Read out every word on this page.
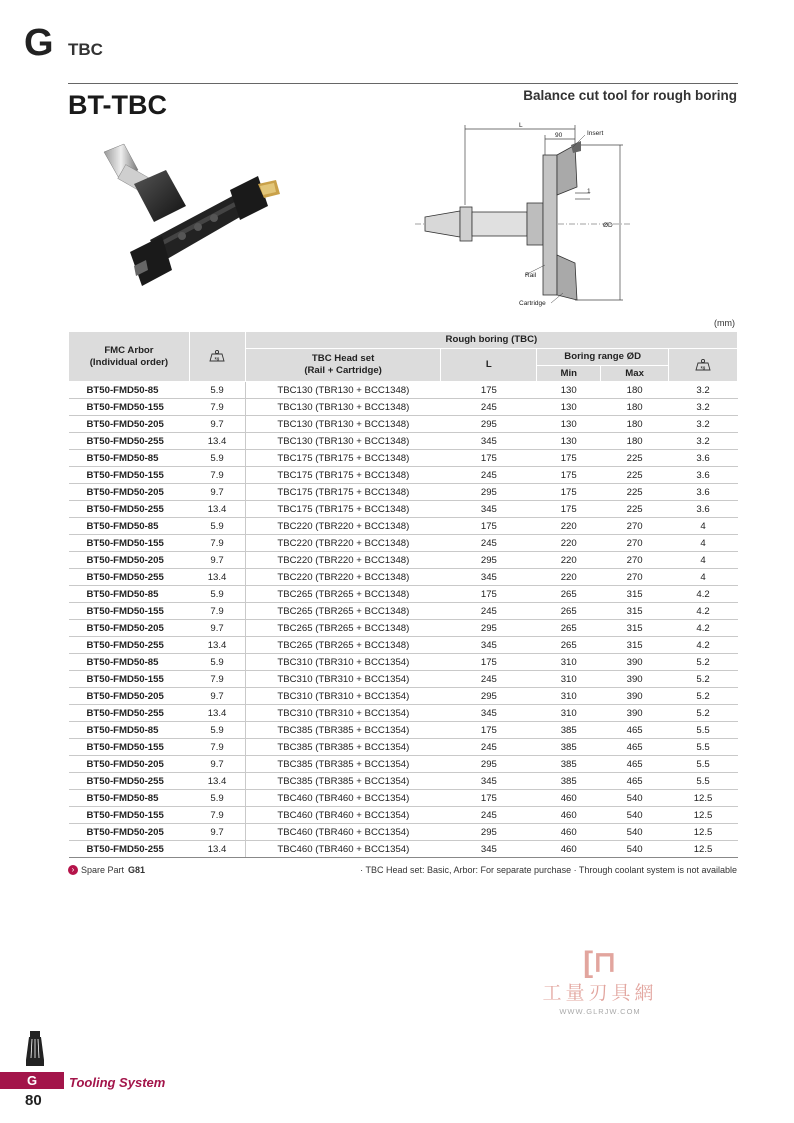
G TBC
BT-TBC	Balance cut tool for rough boring
L
90	Insert
1
ØD
Rail
Cartridge
(mm)
FMC Arbor
(Individual order)	kg	Rough boring (TBC)				

		TBC Head set
(Rail + Cartridge)	L	Boring range ØD		kg

				Min	Max	
BT50-FMD50-85	5.9	TBC130 (TBR130 + BCC1348)	175	130	180	3.2
BT50-FMD50-155	7.9	TBC130 (TBR130 + BCC1348)	245	130	180	3.2
BT50-FMD50-205	9.7	TBC130 (TBR130 + BCC1348)	295	130	180	3.2
BT50-FMD50-255	13.4	TBC130 (TBR130 + BCC1348)	345	130	180	3.2
BT50-FMD50-85	5.9	TBC175 (TBR175 + BCC1348)	175	175	225	3.6
BT50-FMD50-155	7.9	TBC175 (TBR175 + BCC1348)	245	175	225	3.6
BT50-FMD50-205	9.7	TBC175 (TBR175 + BCC1348)	295	175	225	3.6
BT50-FMD50-255	13.4	TBC175 (TBR175 + BCC1348)	345	175	225	3.6
BT50-FMD50-85	5.9	TBC220 (TBR220 + BCC1348)	175	220	270	4
BT50-FMD50-155	7.9	TBC220 (TBR220 + BCC1348)	245	220	270	4
BT50-FMD50-205	9.7	TBC220 (TBR220 + BCC1348)	295	220	270	4
BT50-FMD50-255	13.4	TBC220 (TBR220 + BCC1348)	345	220	270	4
BT50-FMD50-85	5.9	TBC265 (TBR265 + BCC1348)	175	265	315	4.2
BT50-FMD50-155	7.9	TBC265 (TBR265 + BCC1348)	245	265	315	4.2
BT50-FMD50-205	9.7	TBC265 (TBR265 + BCC1348)	295	265	315	4.2
BT50-FMD50-255	13.4	TBC265 (TBR265 + BCC1348)	345	265	315	4.2
BT50-FMD50-85	5.9	TBC310 (TBR310 + BCC1354)	175	310	390	5.2
BT50-FMD50-155	7.9	TBC310 (TBR310 + BCC1354)	245	310	390	5.2
BT50-FMD50-205	9.7	TBC310 (TBR310 + BCC1354)	295	310	390	5.2
BT50-FMD50-255	13.4	TBC310 (TBR310 + BCC1354)	345	310	390	5.2
BT50-FMD50-85	5.9	TBC385 (TBR385 + BCC1354)	175	385	465	5.5
BT50-FMD50-155	7.9	TBC385 (TBR385 + BCC1354)	245	385	465	5.5
BT50-FMD50-205	9.7	TBC385 (TBR385 + BCC1354)	295	385	465	5.5
BT50-FMD50-255	13.4	TBC385 (TBR385 + BCC1354)	345	385	465	5.5
BT50-FMD50-85	5.9	TBC460 (TBR460 + BCC1354)	175	460	540	12.5
BT50-FMD50-155	7.9	TBC460 (TBR460 + BCC1354)	245	460	540	12.5
BT50-FMD50-205	9.7	TBC460 (TBR460 + BCC1354)	295	460	540	12.5
BT50-FMD50-255	13.4	TBC460 (TBR460 + BCC1354)	345	460	540	12.5
› Spare Part G81	· TBC Head set: Basic, Arbor: For separate purchase · Through coolant system is not available
[⊓
工量刃具網
WWW.GLRJW.COM
G	Tooling System
80
